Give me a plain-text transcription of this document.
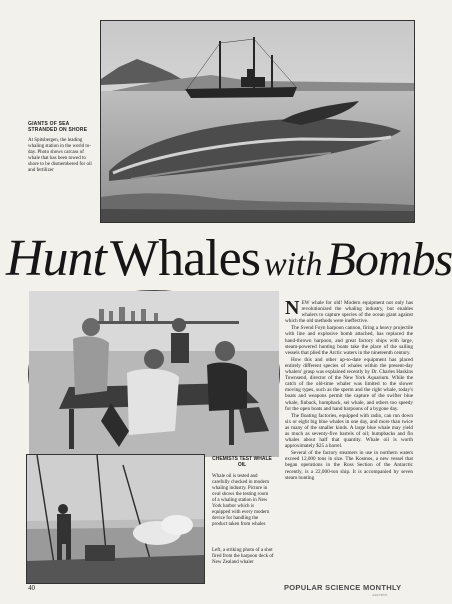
GIANTS OF SEA STRANDED ON SHORE
At Spitsbergen, the leading whaling station in the world to-day. Photo shows carcass of whale that has been towed to shore to be dismembered for oil and fertilizer
Hunt Whales with Bombs
CHEMISTS TEST WHALE OIL
Whale oil is tested and carefully checked in modern whaling industry. Picture in oval shows the testing room of a whaling station in New York harbor which is equipped with every modern device for handling the product taken from whales
Left, a striking photo of a shot fired from the harpoon deck of New Zealand whaler

NEW whale for old! Modern equipment not only has revolutionized the whaling industry, but enables whalers to capture species of the ocean giant against which the old methods were ineffective.

The Svend Foyn harpoon cannon, firing a heavy projectile with line and explosive bomb attached, has replaced the hand-thrown harpoon, and great factory ships with large, steam-powered hunting boats take the place of the sailing vessels that plied the Arctic waters in the nineteenth century.

How this and other up-to-date equipment has placed entirely different species of whales within the present-day whalers' grasp was explained recently by Dr. Charles Haskins Townsend, director of the New York Aquarium. While the catch of the old-time whaler was limited to the slower moving types, such as the sperm and the right whale, today's boats and weapons permit the capture of the swifter blue whale, finback, humpback, sei whale, and others too speedy for the open boats and hand harpoons of a bygone day.

The floating factories, equipped with radio, can run down six or eight big blue whales in one day, and more than twice as many of the smaller kinds. A large blue whale may yield as much as seventy-five barrels of oil; humpbacks and fin whales about half that quantity. Whale oil is worth approximately $25 a barrel.

Several of the factory steamers in use in northern waters exceed 12,000 tons in size. The Kosmos, a new vessel that began operations in the Ross Section of the Antarctic recently, is a 22,000-ton ship. It is accompanied by seven steam hunting

40	POPULAR SCIENCE MONTHLY
ARCHIVE
